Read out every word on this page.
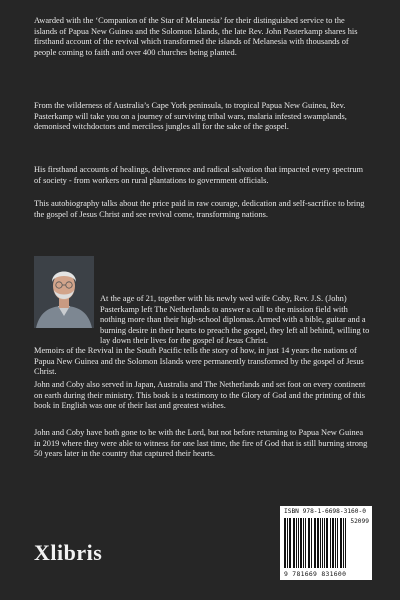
Awarded with the ‘Companion of the Star of Melanesia’ for their distinguished service to the islands of Papua New Guinea and the Solomon Islands, the late Rev. John Pasterkamp shares his firsthand account of the revival which transformed the islands of Melanesia with thousands of people coming to faith and over 400 churches being planted.

From the wilderness of Australia’s Cape York peninsula, to tropical Papua New Guinea, Rev. Pasterkamp will take you on a journey of surviving tribal wars, malaria infested swamplands, demonised witchdoctors and merciless jungles all for the sake of the gospel.

His firsthand accounts of healings, deliverance and radical salvation that impacted every spectrum of society - from workers on rural plantations to government officials.

This autobiography talks about the price paid in raw courage, dedication and self-sacrifice to bring the gospel of Jesus Christ and see revival come, transforming nations.

At the age of 21, together with his newly wed wife Coby, Rev. J.S. (John) Pasterkamp left The Netherlands to answer a call to the mission field with nothing more than their high-school diplomas. Armed with a bible, guitar and a burning desire in their hearts to preach the gospel, they left all behind, willing to lay down their lives for the gospel of Jesus Christ.

Memoirs of the Revival in the South Pacific tells the story of how, in just 14 years the nations of Papua New Guinea and the Solomon Islands were permanently transformed by the gospel of Jesus Christ.

John and Coby also served in Japan, Australia and The Netherlands and set foot on every continent on earth during their ministry. This book is a testimony to the Glory of God and the printing of this book in English was one of their last and greatest wishes.

John and Coby have both gone to be with the Lord, but not before returning to Papua New Guinea in 2019 where they were able to witness for one last time, the fire of God that is still burning strong 50 years later in the country that captured their hearts.

Xlibris
ISBN 978-1-6698-3160-0
52099
9 781669 831600
